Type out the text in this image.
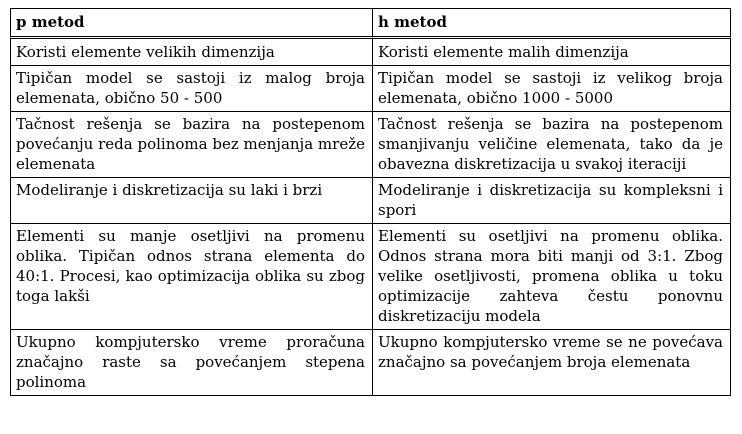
p metod	h metod
Koristi elemente velikih dimenzija	Koristi elemente malih dimenzija
Tipičan model se sastoji iz malog broja elemenata, obično 50 - 500	Tipičan model se sastoji iz velikog broja elemenata, obično 1000 - 5000
Tačnost rešenja se bazira na postepenom povećanju reda polinoma bez menjanja mreže elemenata	Tačnost rešenja se bazira na postepenom smanjivanju veličine elemenata, tako da je obavezna diskretizacija u svakoj iteraciji
Modeliranje i diskretizacija su laki i brzi	Modeliranje i diskretizacija su kompleksni i spori
Elementi su manje osetljivi na promenu oblika. Tipičan odnos strana elementa do 40:1. Procesi, kao optimizacija oblika su zbog toga lakši	Elementi su osetljivi na promenu oblika. Odnos strana mora biti manji od 3:1. Zbog velike osetljivosti, promena oblika u toku optimizacije zahteva čestu ponovnu diskretizaciju modela
Ukupno kompjutersko vreme proračuna značajno raste sa povećanjem stepena polinoma	Ukupno kompjutersko vreme se ne povećava značajno sa povećanjem broja elemenata
